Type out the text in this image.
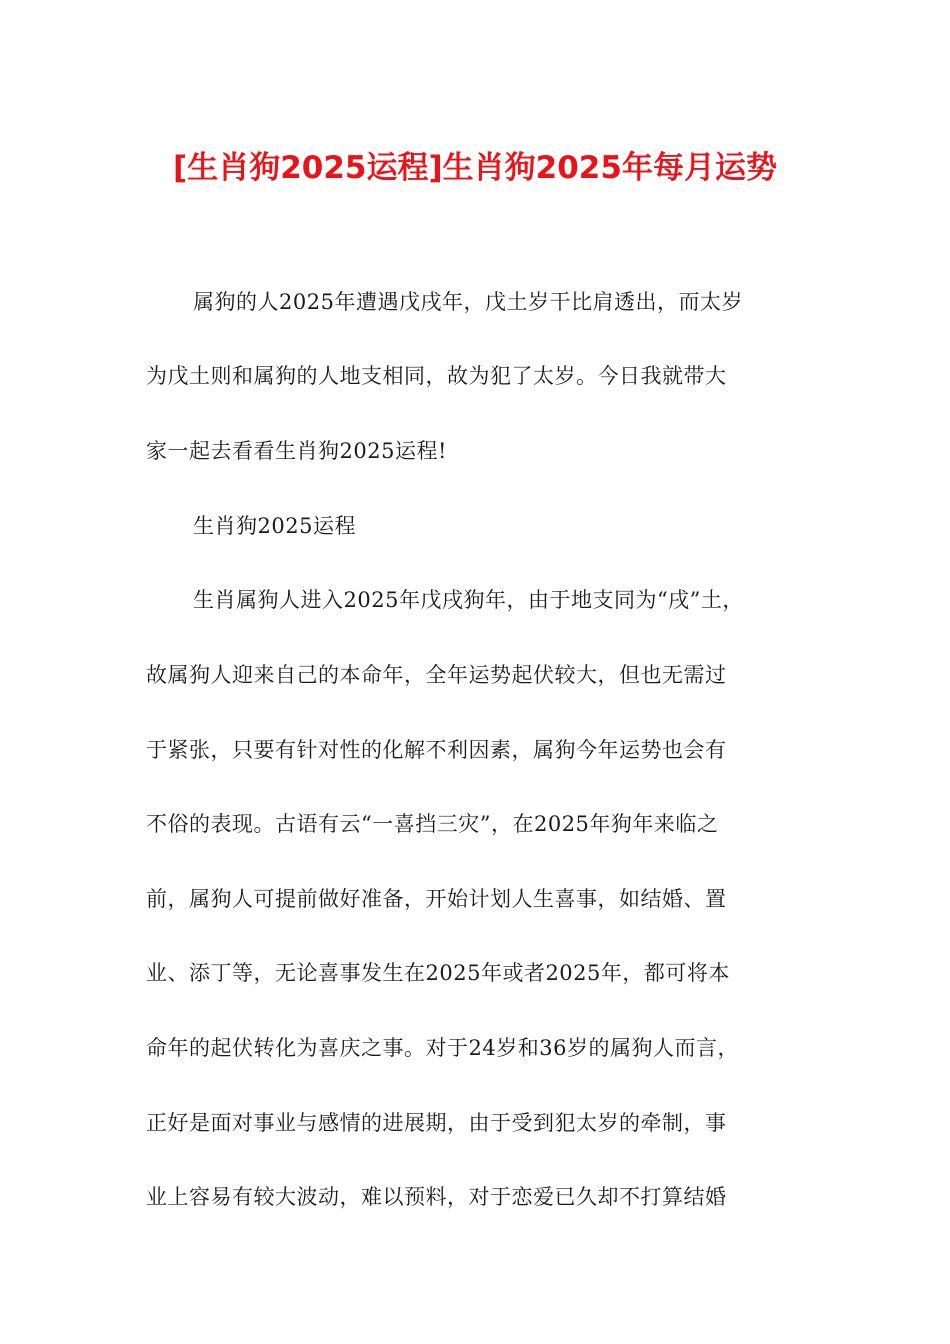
[生肖狗2025运程]生肖狗2025年每月运势

属狗的人2025年遭遇戊戌年，戊土岁干比肩透出，而太岁

为戊土则和属狗的人地支相同，故为犯了太岁。今日我就带大

家一起去看看生肖狗2025运程!

生肖狗2025运程

生肖属狗人进入2025年戊戌狗年，由于地支同为“戌”土，

故属狗人迎来自己的本命年，全年运势起伏较大，但也无需过

于紧张，只要有针对性的化解不利因素，属狗今年运势也会有

不俗的表现。古语有云“一喜挡三灾”，在2025年狗年来临之

前，属狗人可提前做好准备，开始计划人生喜事，如结婚、置

业、添丁等，无论喜事发生在2025年或者2025年，都可将本

命年的起伏转化为喜庆之事。对于24岁和36岁的属狗人而言，

正好是面对事业与感情的进展期，由于受到犯太岁的牵制，事

业上容易有较大波动，难以预料，对于恋爱已久却不打算结婚
